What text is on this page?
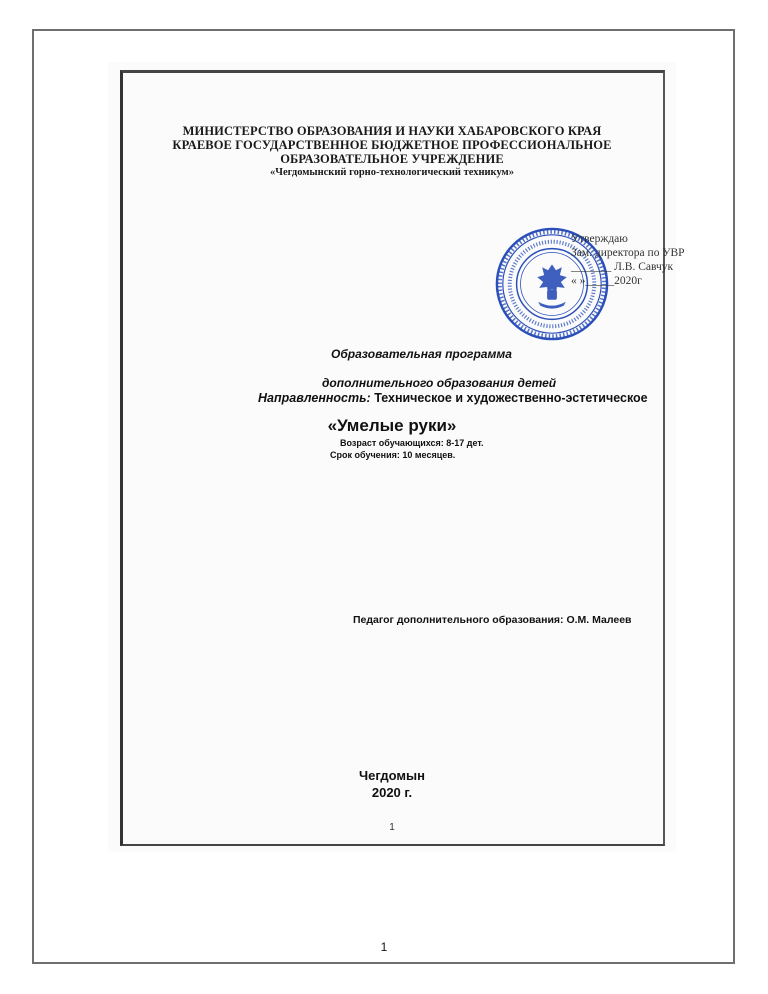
МИНИСТЕРСТВО ОБРАЗОВАНИЯ И НАУКИ ХАБАРОВСКОГО КРАЯ
КРАЕВОЕ ГОСУДАРСТВЕННОЕ БЮДЖЕТНОЕ ПРОФЕССИОНАЛЬНОЕ
ОБРАЗОВАТЕЛЬНОЕ УЧРЕЖДЕНИЕ
«Чегдомынский горно-технологический техникум»
Утверждаю
Зам. директора по УВР
_______ Л.В. Савчук
« »_____2020г
Образовательная программа
дополнительного образования детей
Направленность: Техническое и художественно-эстетическое
«Умелые руки»
Возраст обучающихся: 8-17 дет.
Срок обучения: 10 месяцев.
Педагог дополнительного образования: О.М. Малеев
Чегдомын
2020 г.
1
1
